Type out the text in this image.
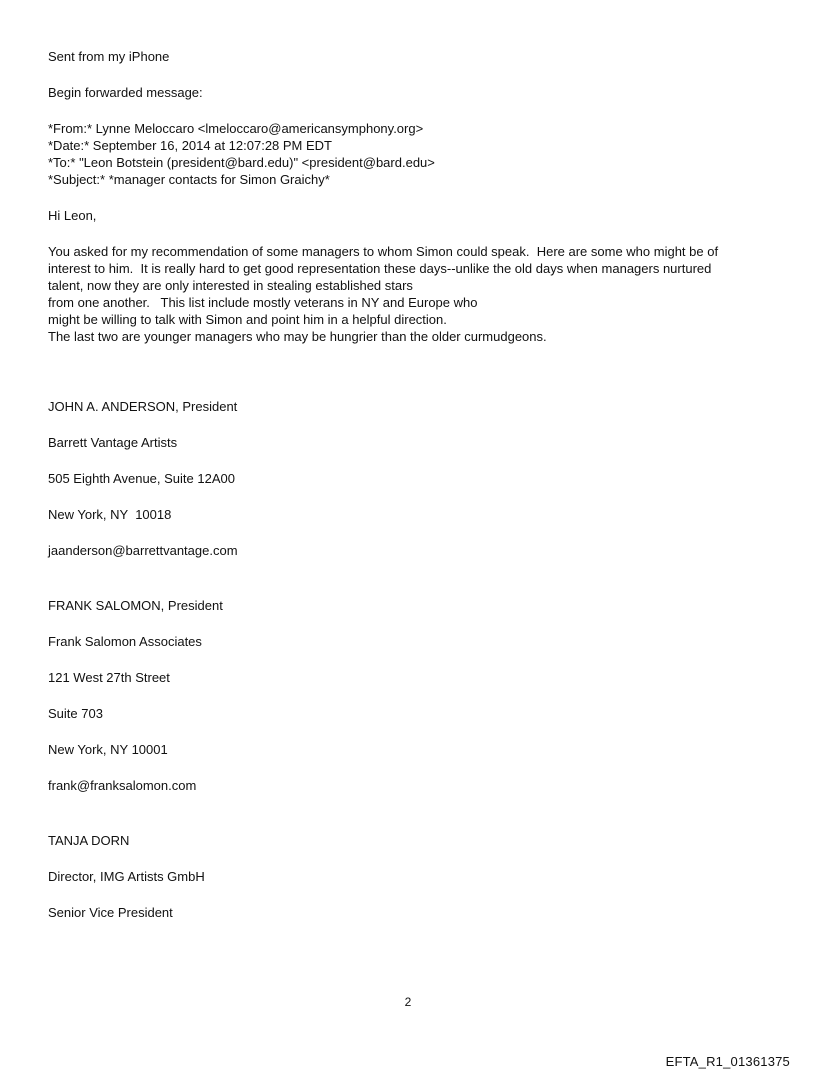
Sent from my iPhone
Begin forwarded message:
*From:* Lynne Meloccaro <lmeloccaro@americansymphony.org>
*Date:* September 16, 2014 at 12:07:28 PM EDT
*To:* "Leon Botstein (president@bard.edu)" <president@bard.edu>
*Subject:* *manager contacts for Simon Graichy*
Hi Leon,
You asked for my recommendation of some managers to whom Simon could speak.  Here are some who might be of
interest to him.  It is really hard to get good representation these days--unlike the old days when managers nurtured
talent, now they are only interested in stealing established stars
from one another.   This list include mostly veterans in NY and Europe who
might be willing to talk with Simon and point him in a helpful direction.
The last two are younger managers who may be hungrier than the older curmudgeons.
JOHN A. ANDERSON, President
Barrett Vantage Artists
505 Eighth Avenue, Suite 12A00
New York, NY  10018
jaanderson@barrettvantage.com
FRANK SALOMON, President
Frank Salomon Associates
121 West 27th Street
Suite 703
New York, NY 10001
frank@franksalomon.com
TANJA DORN
Director, IMG Artists GmbH
Senior Vice President
2
EFTA_R1_01361375
